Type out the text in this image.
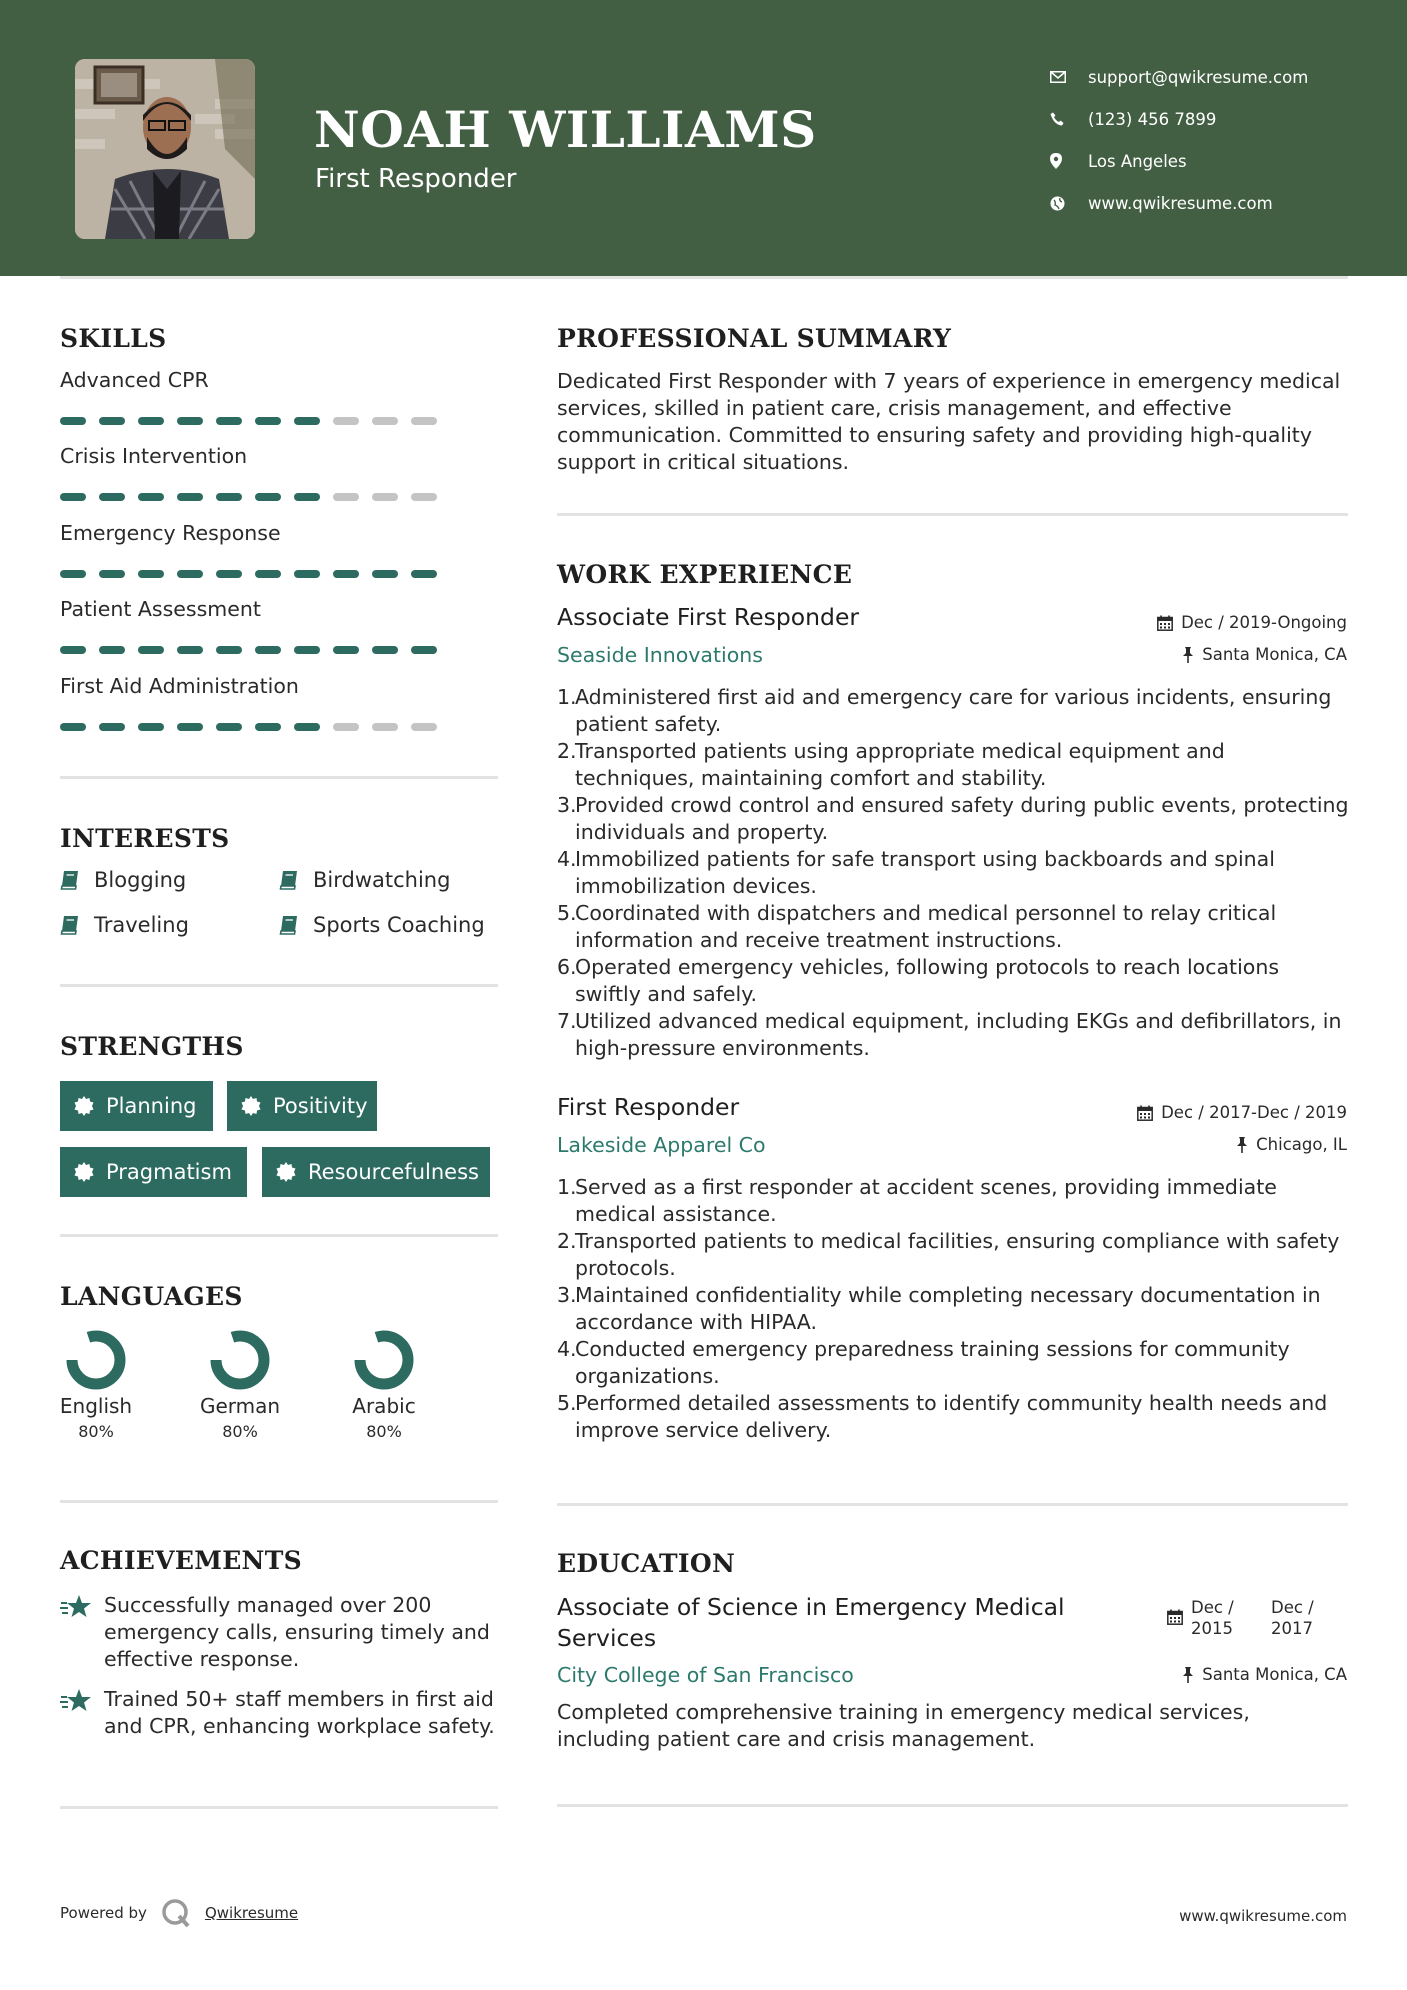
NOAH WILLIAMS
First Responder
support@qwikresume.com
(123) 456 7899
Los Angeles
www.qwikresume.com
SKILLS
Advanced CPR
Crisis Intervention
Emergency Response
Patient Assessment
First Aid Administration
INTERESTS
Blogging	Birdwatching
Traveling	Sports Coaching
STRENGTHS
Planning	Positivity
Pragmatism	Resourcefulness
LANGUAGES
English
80%
German
80%
Arabic
80%
ACHIEVEMENTS
Successfully managed over 200 emergency calls, ensuring timely and effective response.
Trained 50+ staff members in first aid and CPR, enhancing workplace safety.
PROFESSIONAL SUMMARY
Dedicated First Responder with 7 years of experience in emergency medical services, skilled in patient care, crisis management, and effective communication. Committed to ensuring safety and providing high-quality support in critical situations.
WORK EXPERIENCE
Associate First Responder	Dec / 2019-Ongoing
Seaside Innovations	Santa Monica, CA
1.
Administered first aid and emergency care for various incidents, ensuring patient safety.
2.
Transported patients using appropriate medical equipment and techniques, maintaining comfort and stability.
3.
Provided crowd control and ensured safety during public events, protecting individuals and property.
4.
Immobilized patients for safe transport using backboards and spinal immobilization devices.
5.
Coordinated with dispatchers and medical personnel to relay critical information and receive treatment instructions.
6.
Operated emergency vehicles, following protocols to reach locations swiftly and safely.
7.
Utilized advanced medical equipment, including EKGs and defibrillators, in high-pressure environments.
First Responder	Dec / 2017-Dec / 2019
Lakeside Apparel Co	Chicago, IL
1.
Served as a first responder at accident scenes, providing immediate medical assistance.
2.
Transported patients to medical facilities, ensuring compliance with safety protocols.
3.
Maintained confidentiality while completing necessary documentation in accordance with HIPAA.
4.
Conducted emergency preparedness training sessions for community organizations.
5.
Performed detailed assessments to identify community health needs and improve service delivery.
EDUCATION
Associate of Science in Emergency Medical Services
Dec /
2015
Dec /
2017
City College of San Francisco	Santa Monica, CA
Completed comprehensive training in emergency medical services, including patient care and crisis management.
Powered by	Qwikresume	www.qwikresume.com
